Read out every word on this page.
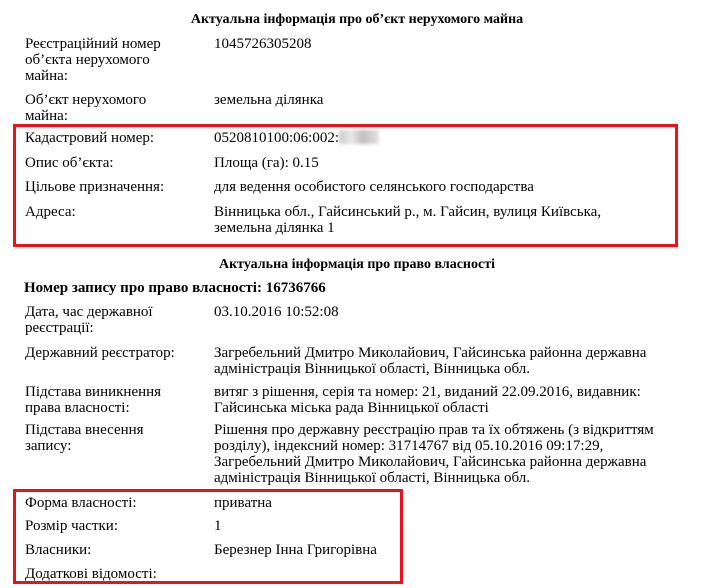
Актуальна інформація про об’єкт нерухомого майна
Реєстраційний номер об’єкта нерухомого майна:
1045726305208
Об’єкт нерухомого майна:
земельна ділянка
Кадастровий номер:	0520810100:06:002:
Опис об’єкта:	Площа (га): 0.15
Цільове призначення:	для ведення особистого селянського господарства
Адреса:	Вінницька обл., Гайсинський р., м. Гайсин, вулиця Київська, земельна ділянка 1
Актуальна інформація про право власності
Номер запису про право власності: 16736766
Дата, час державної реєстрації:
03.10.2016 10:52:08
Державний реєстратор:	Загребельний Дмитро Миколайович, Гайсинська районна державна адміністрація Вінницької області, Вінницька обл.
Підстава виникнення права власності:
витяг з рішення, серія та номер: 21, виданий 22.09.2016, видавник: Гайсинська міська рада Вінницької області
Підстава внесення запису:
Рішення про державну реєстрацію прав та їх обтяжень (з відкриттям розділу), індексний номер: 31714767 від 05.10.2016 09:17:29, Загребельний Дмитро Миколайович, Гайсинська районна державна адміністрація Вінницької області, Вінницька обл.
Форма власності:	приватна
Розмір частки:	1
Власники:	Березнер Інна Григорівна
Додаткові відомості:
